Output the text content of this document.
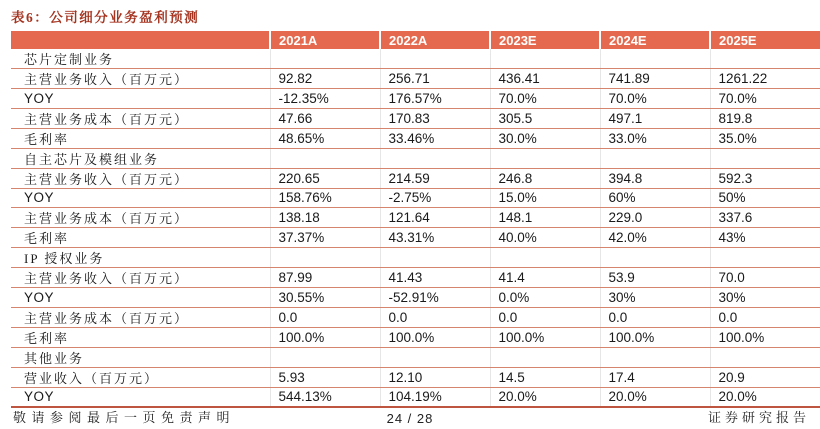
表6：公司细分业务盈利预测
	2021A	2022A	2023E	2024E	2025E
芯片定制业务					
主营业务收入（百万元）	92.82	256.71	436.41	741.89	1261.22
YOY	-12.35%	176.57%	70.0%	70.0%	70.0%
主营业务成本（百万元）	47.66	170.83	305.5	497.1	819.8
毛利率	48.65%	33.46%	30.0%	33.0%	35.0%
自主芯片及模组业务					
主营业务收入（百万元）	220.65	214.59	246.8	394.8	592.3
YOY	158.76%	-2.75%	15.0%	60%	50%
主营业务成本（百万元）	138.18	121.64	148.1	229.0	337.6
毛利率	37.37%	43.31%	40.0%	42.0%	43%
IP 授权业务					
主营业务收入（百万元）	87.99	41.43	41.4	53.9	70.0
YOY	30.55%	-52.91%	0.0%	30%	30%
主营业务成本（百万元）	0.0	0.0	0.0	0.0	0.0
毛利率	100.0%	100.0%	100.0%	100.0%	100.0%
其他业务					
营业收入（百万元）	5.93	12.10	14.5	17.4	20.9
YOY	544.13%	104.19%	20.0%	20.0%	20.0%
敬请参阅最后一页免责声明	24 / 28	证券研究报告
